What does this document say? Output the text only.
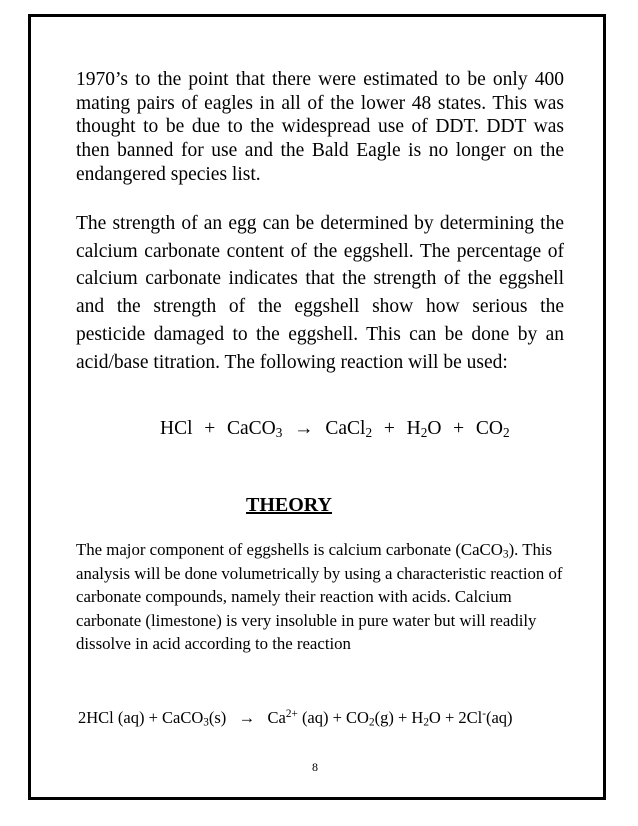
1970’s to the point that there were estimated to be only 400 mating pairs of eagles in all of the lower 48 states. This was thought to be due to the widespread use of DDT. DDT was then banned for use and the Bald Eagle is no longer on the endangered species list.

The strength of an egg can be determined by determining the calcium carbonate content of the eggshell. The percentage of calcium carbonate indicates that the strength of the eggshell and the strength of the eggshell show how serious the pesticide damaged to the eggshell. This can be done by an acid/base titration. The following reaction will be used:

HCl + CaCO$_3$ → CaCl$_2$ + $H_2O + CO_2$
THEORY

The major component of eggshells is calcium carbonate (CaCO$_3$). This analysis will be done volumetrically by using a characteristic reaction of carbonate compounds, namely their reaction with acids. Calcium carbonate (limestone) is very insoluble in pure water but will readily dissolve in acid according to the reaction

2HCl (aq) + CaCO$_3$(s) → $Ca^{2+}$ $(aq) + CO_2(g) + H_2O + 2Cl^-(aq)$
8
